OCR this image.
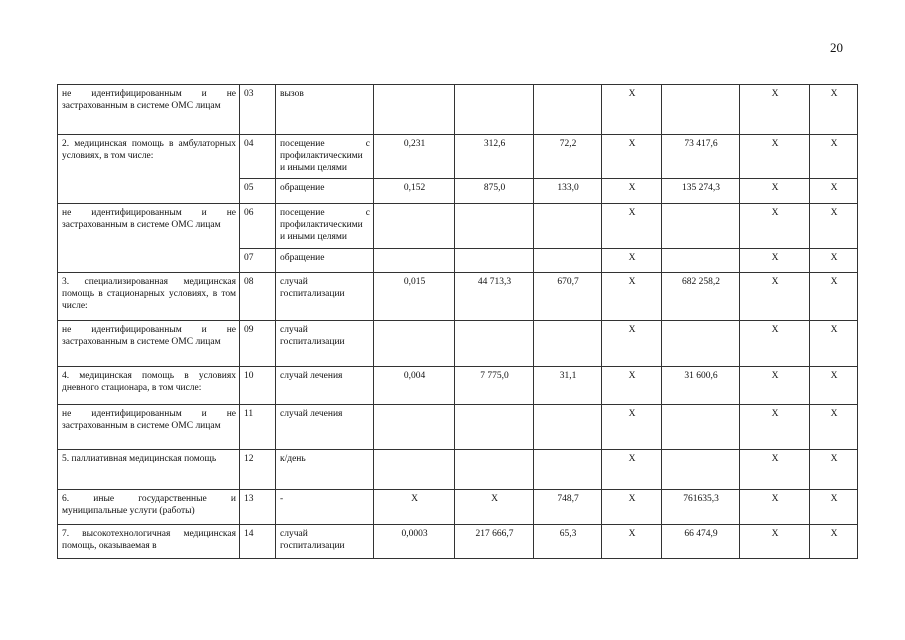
20
не идентифицированным и не застрахованным в системе ОМС лицам	03	вызов				X		X	X
2. медицинская помощь в амбулаторных условиях, в том числе:	04	посещение с профилактическими и иными целями	0,231	312,6	72,2	X	73 417,6	X	X
	05	обращение	0,152	875,0	133,0	X	135 274,3	X	X
не идентифицированным и не застрахованным в системе ОМС лицам	06	посещение с профилактическими и иными целями				X		X	X
	07	обращение				X		X	X
3. специализированная медицинская помощь в стационарных условиях, в том числе:	08	случай госпитализации	0,015	44 713,3	670,7	X	682 258,2	X	X
не идентифицированным и не застрахованным в системе ОМС лицам	09	случай госпитализации				X		X	X
4. медицинская помощь в условиях дневного стационара, в том числе:	10	случай лечения	0,004	7 775,0	31,1	X	31 600,6	X	X
не идентифицированным и не застрахованным в системе ОМС лицам	11	случай лечения				X		X	X
5. паллиативная медицинская помощь	12	к/день				X		X	X
6. иные государственные и муниципальные услуги (работы)	13	-	X	X	748,7	X	761635,3	X	X
7. высокотехнологичная медицинская помощь, оказываемая в	14	случай госпитализации	0,0003	217 666,7	65,3	X	66 474,9	X	X
